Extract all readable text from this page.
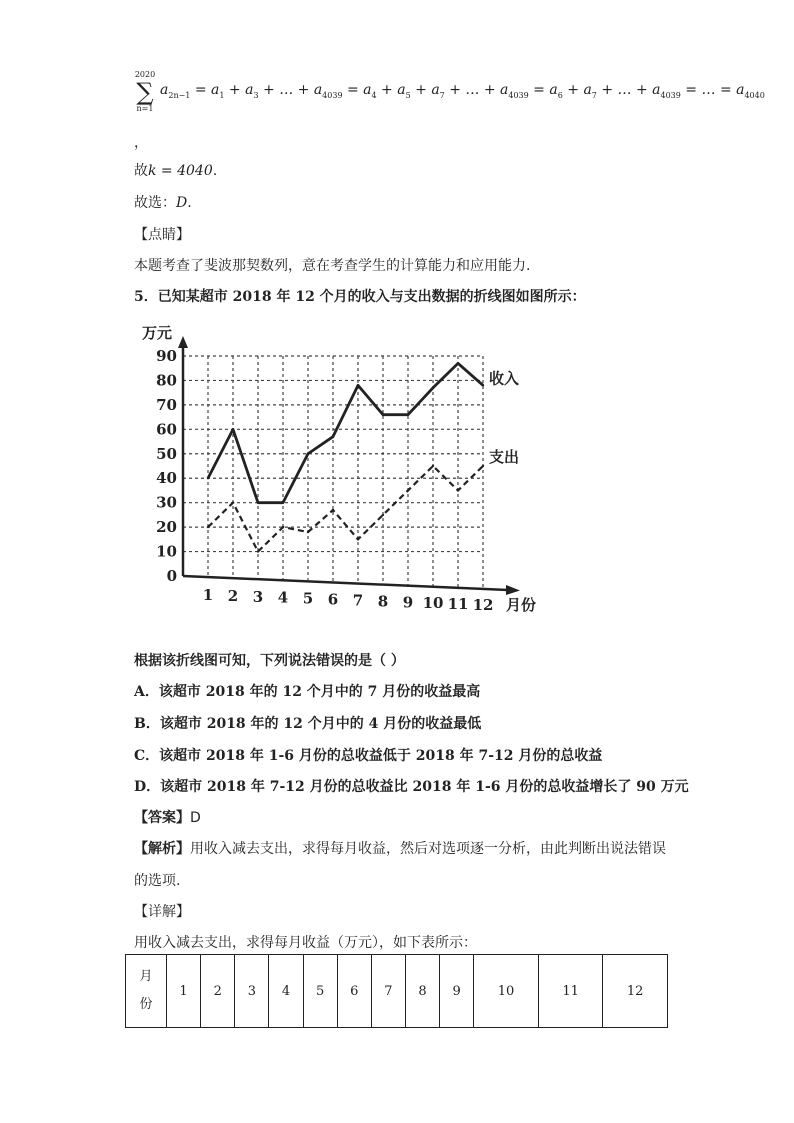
2020
∑
n=1
$a_{2n-1} = a_1 + a_3$ + … + $a_{4039} = a_4 + a_5 + a_7$ + … + $a_{4039} = a_6 + a_7$ + … + $a_{4039}$ = … = $a_{4040}$
，
故k = 4040.
故选：D.
【点睛】
本题考查了斐波那契数列，意在考查学生的计算能力和应用能力.
5．已知某超市 2018 年 12 个月的收入与支出数据的折线图如图所示：
0
10
20
30
40
50
60
70
80
90
1 2 3 4 5 6 7 8 9 10 11 12
万元
月份
收入
支出
根据该折线图可知，下列说法错误的是（ ）
A．该超市 2018 年的 12 个月中的 7 月份的收益最高
B．该超市 2018 年的 12 个月中的 4 月份的收益最低
C．该超市 2018 年 1-6 月份的总收益低于 2018 年 7-12 月份的总收益
D．该超市 2018 年 7-12 月份的总收益比 2018 年 1-6 月份的总收益增长了 90 万元
【答案】D
【解析】用收入减去支出，求得每月收益，然后对选项逐一分析，由此判断出说法错误
的选项.
【详解】
用收入减去支出，求得每月收益（万元），如下表所示：
月
份	1	2	3	4	5	6	7	8	9	10	11	12
